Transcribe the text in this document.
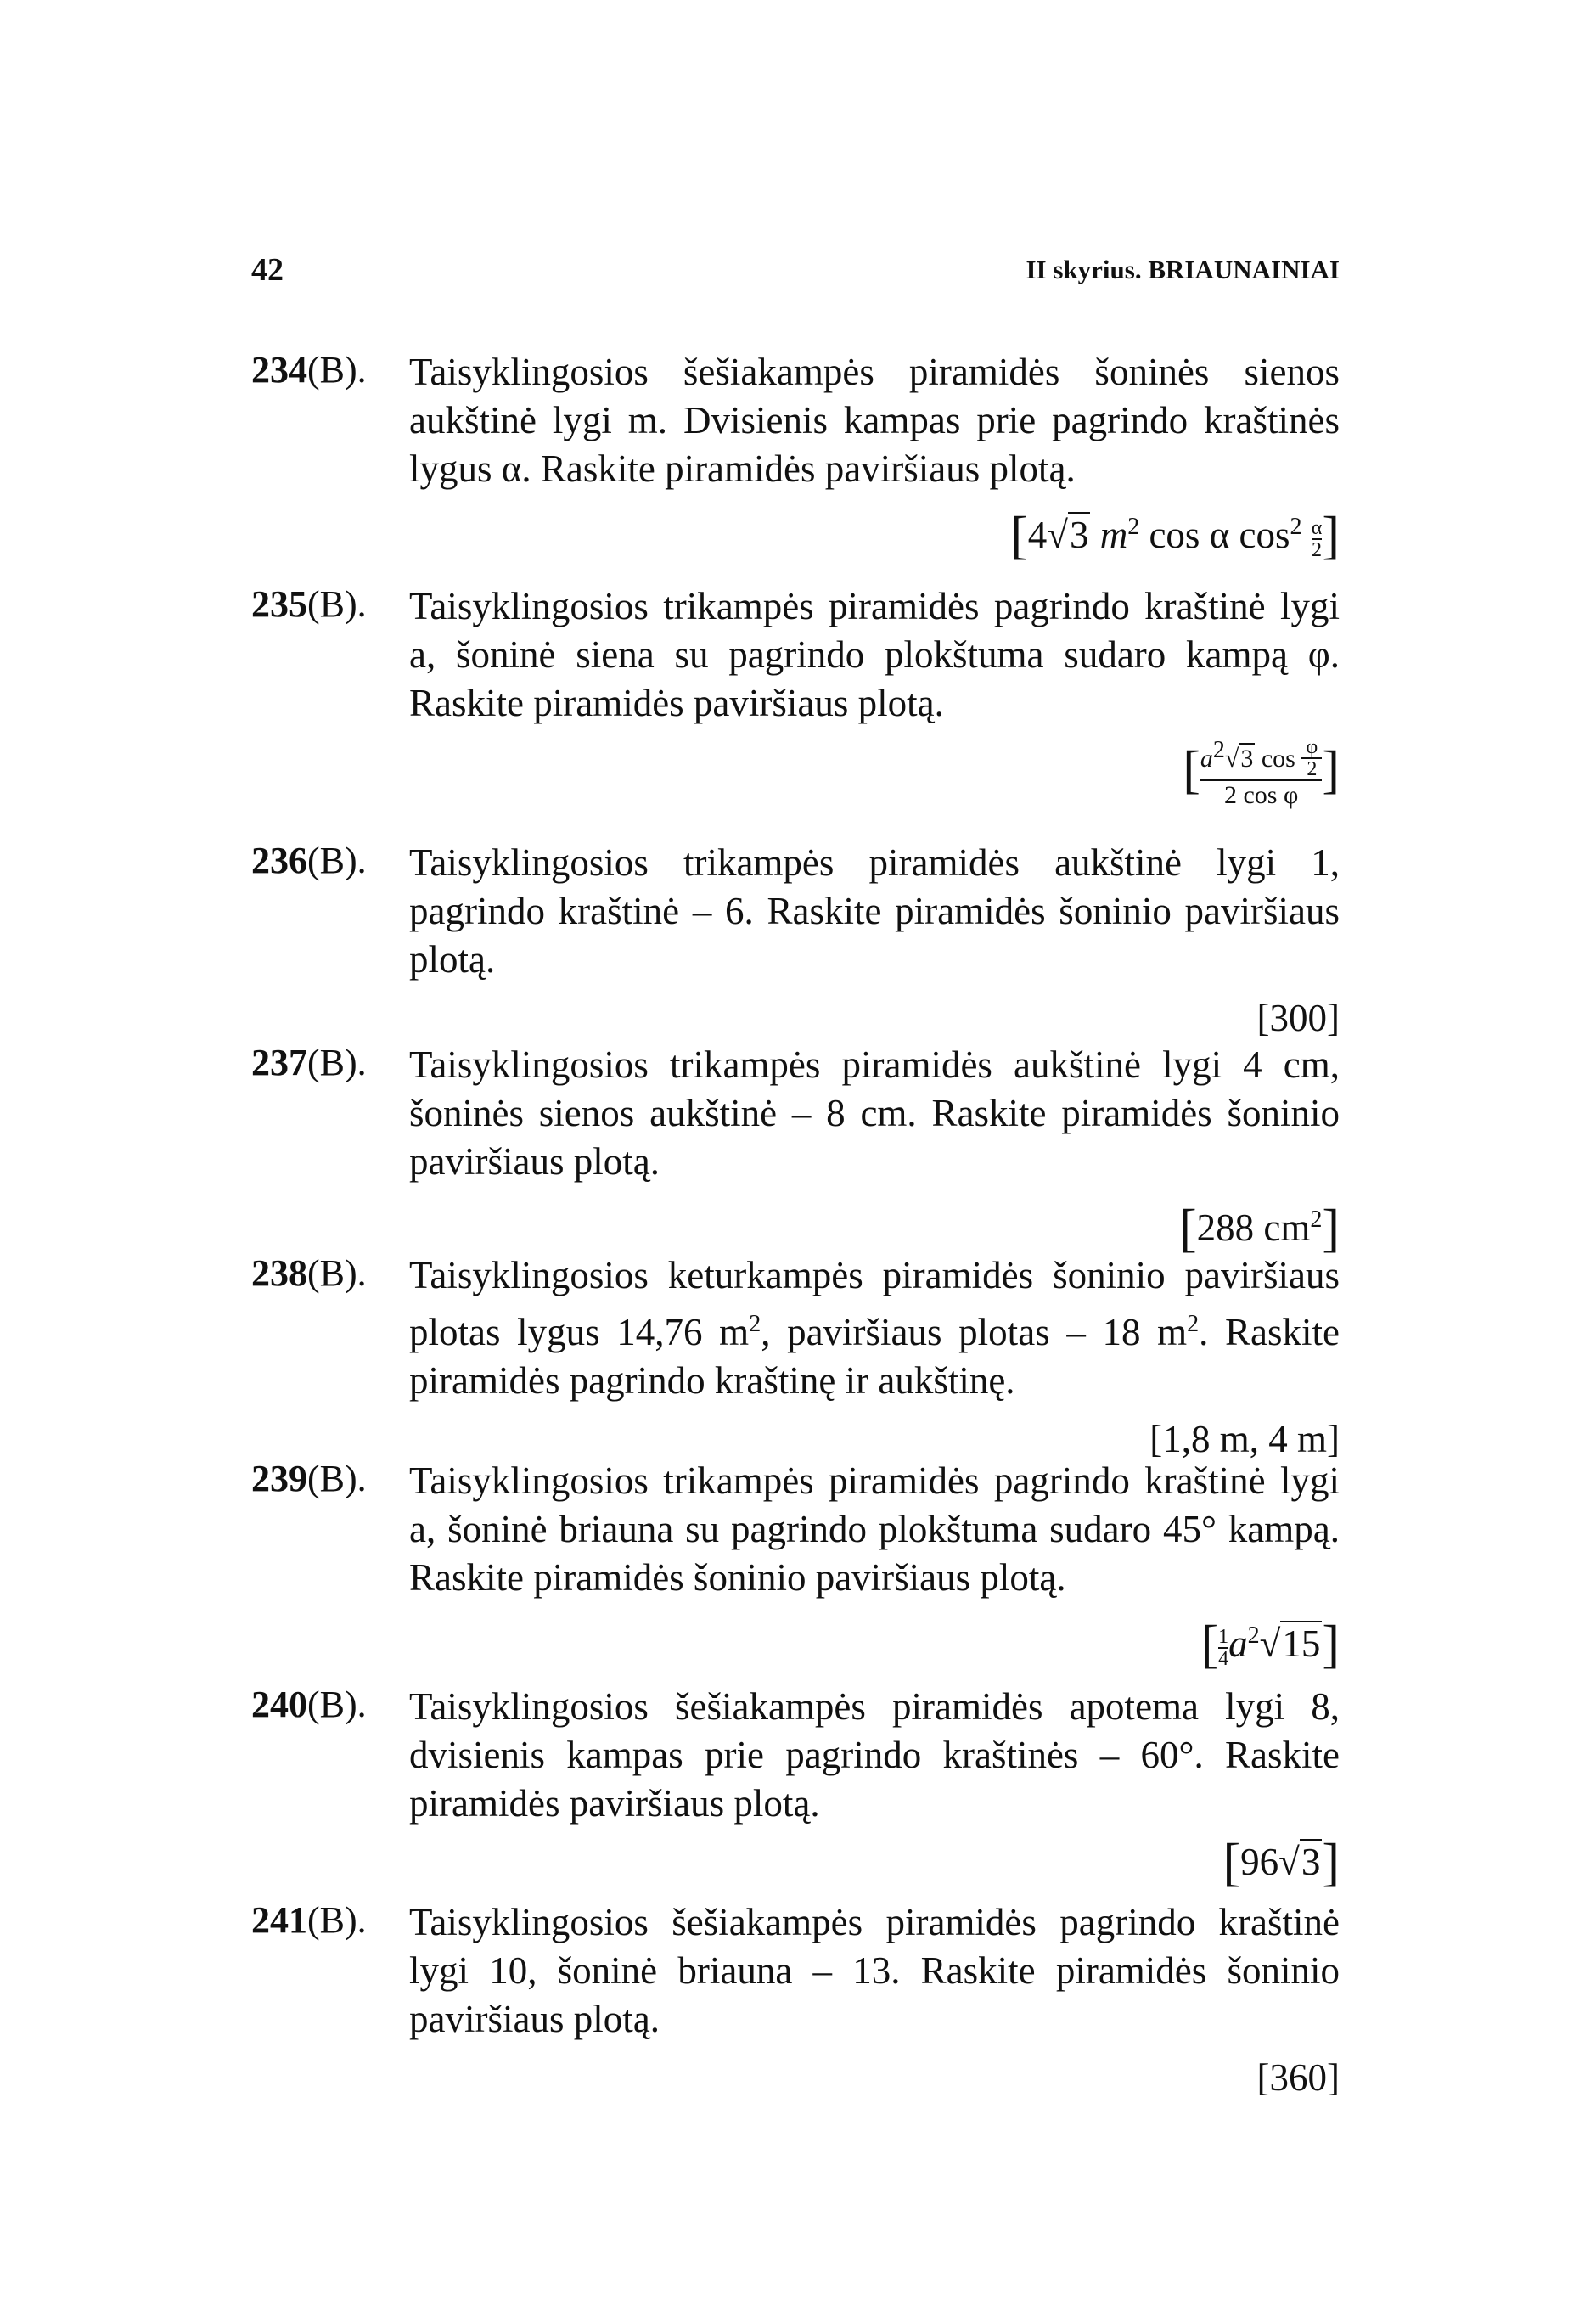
42	II skyrius. BRIAUNAINIAI
234(B). Taisyklingosios šešiakampės piramidės šoninės sienos aukštinė lygi m. Dvisienis kampas prie pagrindo kraštinės lygus α. Raskite piramidės paviršiaus plotą.
[4√3 $m^2$ cos α $\cos^2 \frac{\alpha}{2}$ ]
235(B). Taisyklingosios trikampės piramidės pagrindo kraštinė lygi a, šoninė siena su pagrindo plokštuma sudaro kampą φ. Raskite piramidės paviršiaus plotą.
[ $\frac{a^2√3 \cos \frac{\varphi}{2}}{\text{2 cos φ}}$ ]
236(B). Taisyklingosios trikampės piramidės aukštinė lygi 1, pagrindo kraštinė – 6. Raskite piramidės šoninio paviršiaus plotą.
[300]
237(B). Taisyklingosios trikampės piramidės aukštinė lygi 4 cm, šoninės sienos aukštinė – 8 cm. Raskite piramidės šoninio paviršiaus plotą.
[288 $cm^2$]
238(B). Taisyklingosios keturkampės piramidės šoninio paviršiaus plotas lygus 14,76 $m^2$, paviršiaus plotas – 18 $m^2$. Raskite piramidės pagrindo kraštinę ir aukštinę.
[1,8 m, 4 m]
239(B). Taisyklingosios trikampės piramidės pagrindo kraštinė lygi a, šoninė briauna su pagrindo plokštuma sudaro 45° kampą. Raskite piramidės šoninio paviršiaus plotą.
[ $\frac{1}{4} a^2√15$]
240(B). Taisyklingosios šešiakampės piramidės apotema lygi 8, dvisienis kampas prie pagrindo kraštinės – 60°. Raskite piramidės paviršiaus plotą.
[96√3]
241(B). Taisyklingosios šešiakampės piramidės pagrindo kraštinė lygi 10, šoninė briauna – 13. Raskite piramidės šoninio paviršiaus plotą.
[360]
